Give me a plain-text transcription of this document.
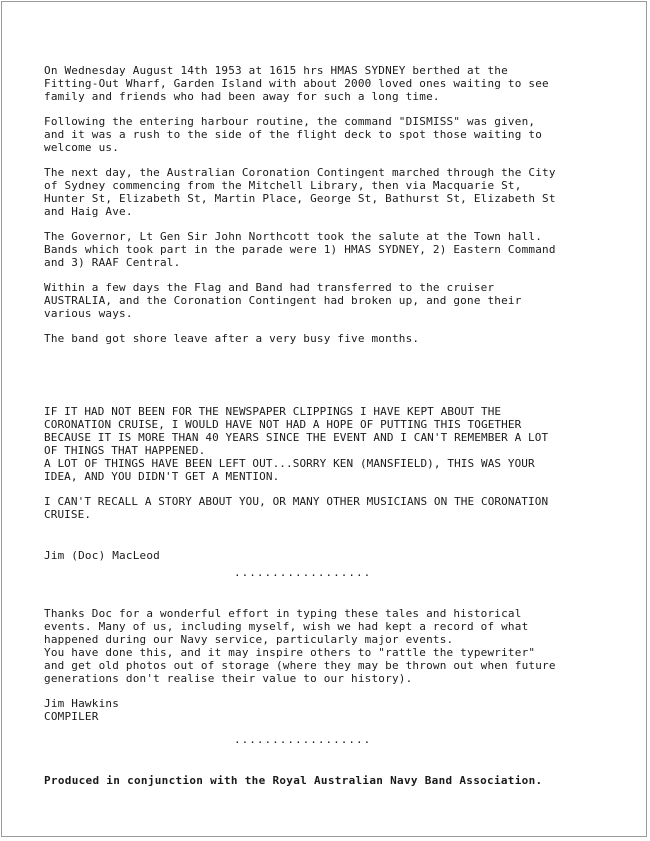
On Wednesday August 14th 1953 at 1615 hrs HMAS SYDNEY berthed at the
Fitting-Out Wharf, Garden Island with about 2000 loved ones waiting to see
family and friends who had been away for such a long time.

Following the entering harbour routine, the command "DISMISS" was given,
and it was a rush to the side of the flight deck to spot those waiting to
welcome us.

The next day, the Australian Coronation Contingent marched through the City
of Sydney commencing from the Mitchell Library, then via Macquarie St,
Hunter St, Elizabeth St, Martin Place, George St, Bathurst St, Elizabeth St
and Haig Ave.

The Governor, Lt Gen Sir John Northcott took the salute at the Town hall.
Bands which took part in the parade were 1) HMAS SYDNEY, 2) Eastern Command
and 3) RAAF Central.

Within a few days the Flag and Band had transferred to the cruiser
AUSTRALIA, and the Coronation Contingent had broken up, and gone their
various ways.

The band got shore leave after a very busy five months.

IF IT HAD NOT BEEN FOR THE NEWSPAPER CLIPPINGS I HAVE KEPT ABOUT THE
CORONATION CRUISE, I WOULD HAVE NOT HAD A HOPE OF PUTTING THIS TOGETHER
BECAUSE IT IS MORE THAN 40 YEARS SINCE THE EVENT AND I CAN'T REMEMBER A LOT
OF THINGS THAT HAPPENED.
A LOT OF THINGS HAVE BEEN LEFT OUT...SORRY KEN (MANSFIELD), THIS WAS YOUR
IDEA, AND YOU DIDN'T GET A MENTION.

I CAN'T RECALL A STORY ABOUT YOU, OR MANY OTHER MUSICIANS ON THE CORONATION
CRUISE.

Jim (Doc) MacLeod

..................

Thanks Doc for a wonderful effort in typing these tales and historical
events. Many of us, including myself, wish we had kept a record of what
happened during our Navy service, particularly major events.
You have done this, and it may inspire others to "rattle the typewriter"
and get old photos out of storage (where they may be thrown out when future
generations don't realise their value to our history).

Jim Hawkins
COMPILER

..................

Produced in conjunction with the Royal Australian Navy Band Association.
